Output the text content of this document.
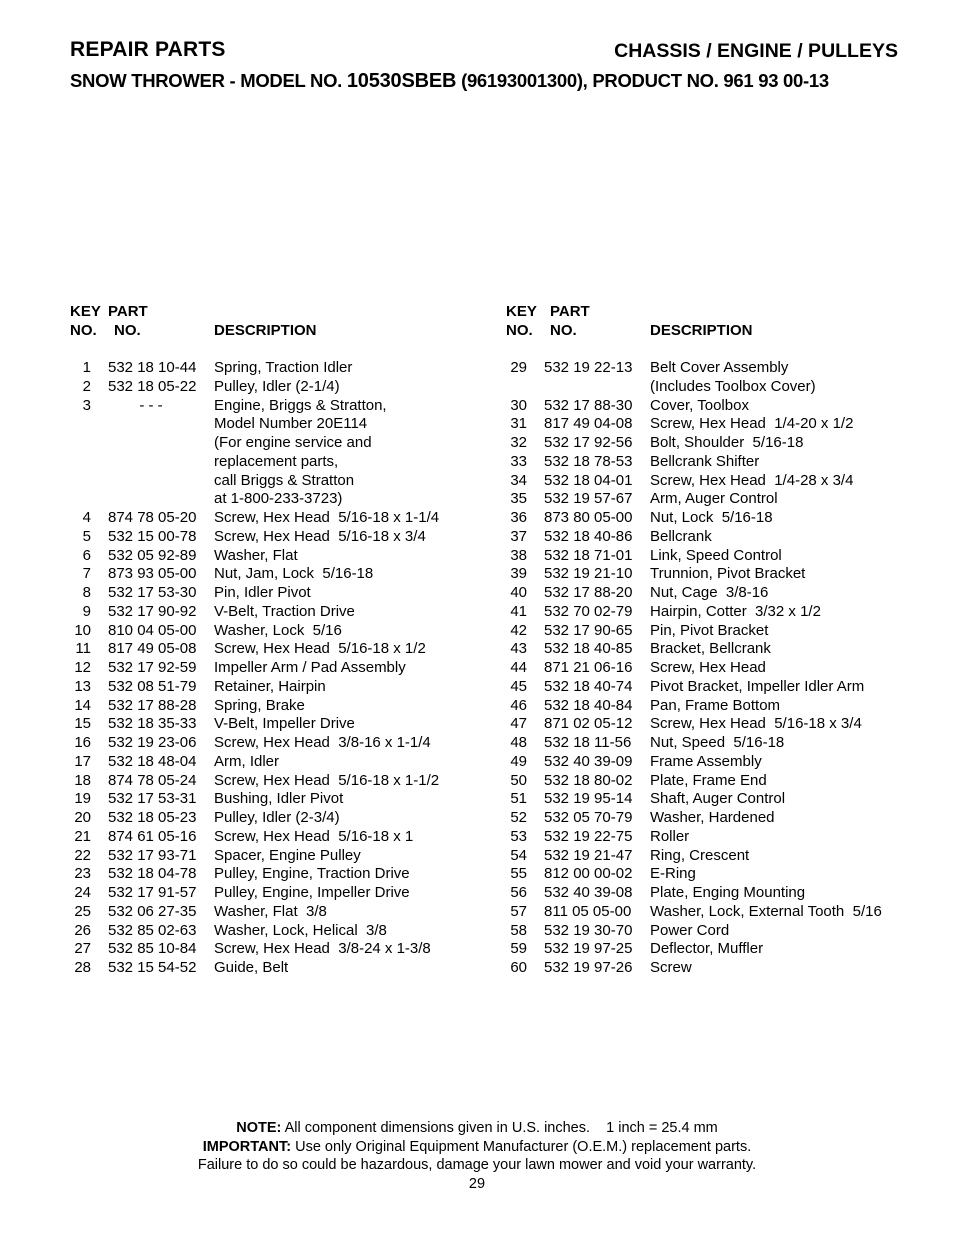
REPAIR PARTS	CHASSIS / ENGINE / PULLEYS
SNOW THROWER - MODEL NO. 10530SBEB (96193001300), PRODUCT NO. 961 93 00-13
KEY
NO.
PART
NO.	DESCRIPTION
1 532 18 10-44 Spring, Traction Idler
2 532 18 05-22 Pulley, Idler (2-1/4)
3	- - -	Engine, Briggs & Stratton,
Model Number 20E114
(For engine service and
replacement parts,
call Briggs & Stratton
at 1-800-233-3723)
4 874 78 05-20 Screw, Hex Head  5/16-18 x 1-1/4
5 532 15 00-78 Screw, Hex Head  5/16-18 x 3/4
6 532 05 92-89 Washer, Flat
7 873 93 05-00 Nut, Jam, Lock  5/16-18
8 532 17 53-30 Pin, Idler Pivot
9 532 17 90-92 V-Belt, Traction Drive
10 810 04 05-00 Washer, Lock  5/16
11 817 49 05-08 Screw, Hex Head  5/16-18 x 1/2
12 532 17 92-59 Impeller Arm / Pad Assembly
13 532 08 51-79 Retainer, Hairpin
14 532 17 88-28 Spring, Brake
15 532 18 35-33 V-Belt, Impeller Drive
16 532 19 23-06 Screw, Hex Head  3/8-16 x 1-1/4
17 532 18 48-04 Arm, Idler
18 874 78 05-24 Screw, Hex Head  5/16-18 x 1-1/2
19 532 17 53-31 Bushing, Idler Pivot
20 532 18 05-23 Pulley, Idler (2-3/4)
21 874 61 05-16 Screw, Hex Head  5/16-18 x 1
22 532 17 93-71 Spacer, Engine Pulley
23 532 18 04-78 Pulley, Engine, Traction Drive
24 532 17 91-57 Pulley, Engine, Impeller Drive
25 532 06 27-35 Washer, Flat  3/8
26 532 85 02-63 Washer, Lock, Helical  3/8
27 532 85 10-84 Screw, Hex Head  3/8-24 x 1-3/8
28 532 15 54-52 Guide, Belt
KEY
NO.
PART
NO.	DESCRIPTION
29 532 19 22-13 Belt Cover Assembly
(Includes Toolbox Cover)
30 532 17 88-30 Cover, Toolbox
31 817 49 04-08 Screw, Hex Head  1/4-20 x 1/2
32 532 17 92-56 Bolt, Shoulder  5/16-18
33 532 18 78-53 Bellcrank Shifter
34 532 18 04-01 Screw, Hex Head  1/4-28 x 3/4
35 532 19 57-67 Arm, Auger Control
36 873 80 05-00 Nut, Lock  5/16-18
37 532 18 40-86 Bellcrank
38 532 18 71-01 Link, Speed Control
39 532 19 21-10 Trunnion, Pivot Bracket
40 532 17 88-20 Nut, Cage  3/8-16
41 532 70 02-79 Hairpin, Cotter  3/32 x 1/2
42 532 17 90-65 Pin, Pivot Bracket
43 532 18 40-85 Bracket, Bellcrank
44 871 21 06-16 Screw, Hex Head
45 532 18 40-74 Pivot Bracket, Impeller Idler Arm
46 532 18 40-84 Pan, Frame Bottom
47 871 02 05-12 Screw, Hex Head  5/16-18 x 3/4
48 532 18 11-56	Nut, Speed  5/16-18
49 532 40 39-09 Frame Assembly
50 532 18 80-02 Plate, Frame End
51 532 19 95-14 Shaft, Auger Control
52 532 05 70-79 Washer, Hardened
53 532 19 22-75 Roller
54 532 19 21-47 Ring, Crescent
55 812 00 00-02 E-Ring
56 532 40 39-08 Plate, Enging Mounting
57 811 05 05-00	Washer, Lock, External Tooth  5/16
58 532 19 30-70 Power Cord
59 532 19 97-25 Deflector, Muffler
60 532 19 97-26 Screw
NOTE: All component dimensions given in U.S. inches.    1 inch = 25.4 mm
IMPORTANT: Use only Original Equipment Manufacturer (O.E.M.) replacement parts.
Failure to do so could be hazardous, damage your lawn mower and void your warranty.
29
